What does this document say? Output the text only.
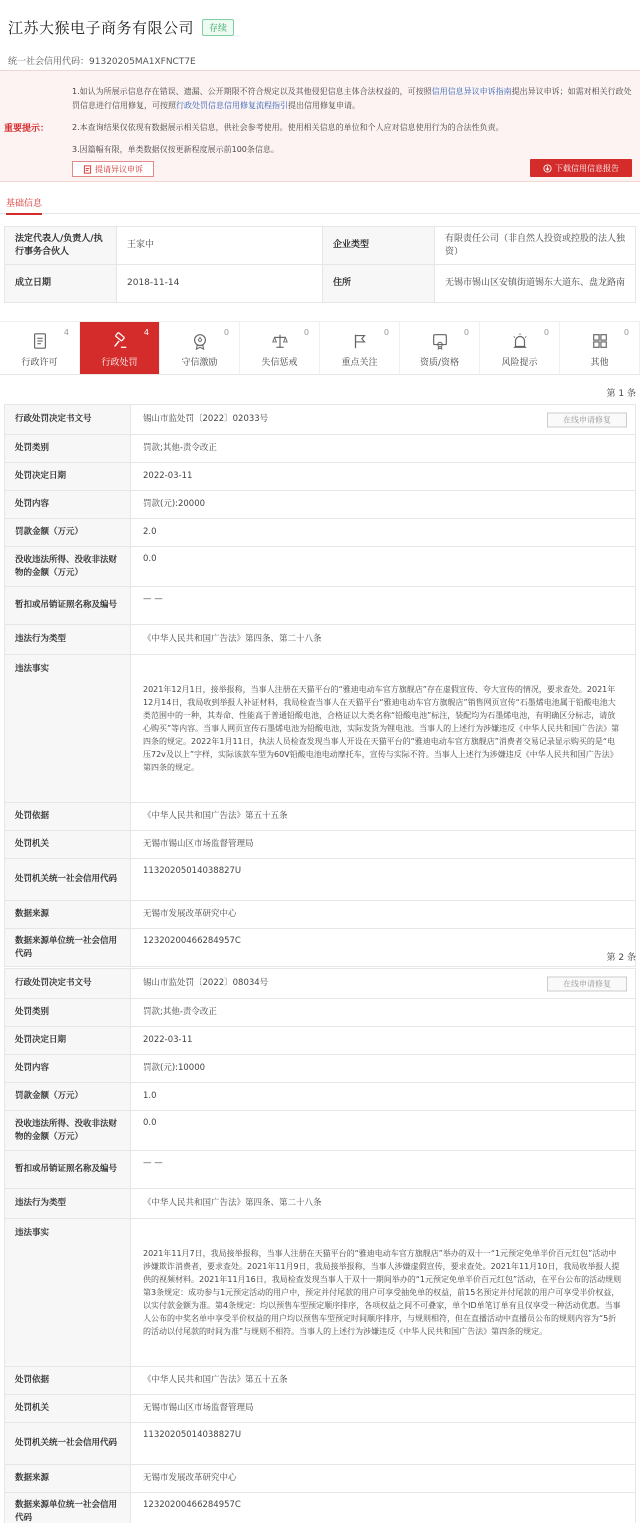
江苏大猴电子商务有限公司	存续
统一社会信用代码：91320205MA1XFNCT7E
重要提示：

1.如认为所展示信息存在错误、遗漏、公开期限不符合规定以及其他侵犯信息主体合法权益的，可按照信用信息异议申诉指南提出异议申诉；如需对相关行政处罚信息进行信用修复，可按照行政处罚信息信用修复流程指引提出信用修复申请。

2.本查询结果仅依现有数据展示相关信息，供社会参考使用。使用相关信息的单位和个人应对信息使用行为的合法性负责。

3.因篇幅有限，单类数据仅按更新程度展示前100条信息。

提请异议申诉	下载信用信息报告
基础信息
法定代表人/负责人/执行事务合伙人	王家中	企业类型	有限责任公司（非自然人投资或控股的法人独资）
成立日期	2018-11-14	住所	无锡市锡山区安镇街道锡东大道东、盘龙路南
4
行政许可
4
行政处罚
0
守信激励
0
失信惩戒
0
重点关注
0
资质/资格
0
风险提示
0
其他
第 1 条
行政处罚决定书文号	锡山市监处罚〔2022〕02033号 在线申请修复

处罚类别	罚款;其他-责令改正
处罚决定日期	2022-03-11
处罚内容	罚款(元):20000
罚款金额（万元）	2.0
没收违法所得、没收非法财物的金额（万元）	0.0
暂扣或吊销证照名称及编号	— —
违法行为类型	《中华人民共和国广告法》第四条、第二十八条
违法事实	2021年12月1日，接举报称，当事人注册在天猫平台的“雅迪电动车官方旗舰店”存在虚假宣传、夸大宣传的情况，要求查处。2021年12月14日，我局收到举报人补证材料，我局检查当事人在天猫平台“雅迪电动车官方旗舰店”销售网页宣传“石墨烯电池属于铅酸电池大类范围中的一种，其寿命、性能高于普通铅酸电池，合格证以大类名称“铅酸电池”标注，装配均为石墨烯电池，有明确区分标志，请放心购买”等内容。当事人网页宣传石墨烯电池为铅酸电池，实际发货为锂电池。当事人的上述行为涉嫌违反《中华人民共和国广告法》第四条的规定。2022年1月11日，执法人员检查发现当事人开设在天猫平台的“雅迪电动车官方旗舰店”消费者交易记录显示购买的是“电压72v及以上”字样，实际该款车型为60V铅酸电池电动摩托车，宣传与实际不符。当事人上述行为涉嫌违反《中华人民共和国广告法》第四条的规定。
处罚依据	《中华人民共和国广告法》第五十五条
处罚机关	无锡市锡山区市场监督管理局
处罚机关统一社会信用代码	11320205014038827U
数据来源	无锡市发展改革研究中心
数据来源单位统一社会信用代码	12320200466284957C
第 2 条
行政处罚决定书文号	锡山市监处罚〔2022〕08034号 在线申请修复

处罚类别	罚款;其他-责令改正
处罚决定日期	2022-03-11
处罚内容	罚款(元):10000
罚款金额（万元）	1.0
没收违法所得、没收非法财物的金额（万元）	0.0
暂扣或吊销证照名称及编号	— —
违法行为类型	《中华人民共和国广告法》第四条、第二十八条
违法事实	2021年11月7日，我局接举报称，当事人注册在天猫平台的“雅迪电动车官方旗舰店”举办的双十一“1元预定免单半价百元红包”活动中涉嫌欺诈消费者，要求查处。2021年11月9日，我局接举报称，当事人涉嫌虚假宣传，要求查处。2021年11月10日，我局收举报人提供的视频材料。2021年11月16日，我局检查发现当事人于双十一期间举办的“1元预定免单半价百元红包”活动，在平台公布的活动规则第3条规定：成功参与1元预定活动的用户中，预定并付尾款的用户可享受抽免单的权益，前15名预定并付尾款的用户可享受半价权益，以实付款金额为准。第4条规定：均以预售车型预定顺序排序，各项权益之间不可叠家，单个ID单笔订单有且仅享受一种活动优惠。当事人公布的中奖名单中享受半价权益的用户均以预售车型预定时间顺序排序，与规则相符，但在直播活动中直播员公布的规则内容为“5折的活动以付尾款的时间为准”与规则不相符。当事人的上述行为涉嫌违反《中华人民共和国广告法》第四条的规定。
处罚依据	《中华人民共和国广告法》第五十五条
处罚机关	无锡市锡山区市场监督管理局
处罚机关统一社会信用代码	11320205014038827U
数据来源	无锡市发展改革研究中心
数据来源单位统一社会信用代码	12320200466284957C
